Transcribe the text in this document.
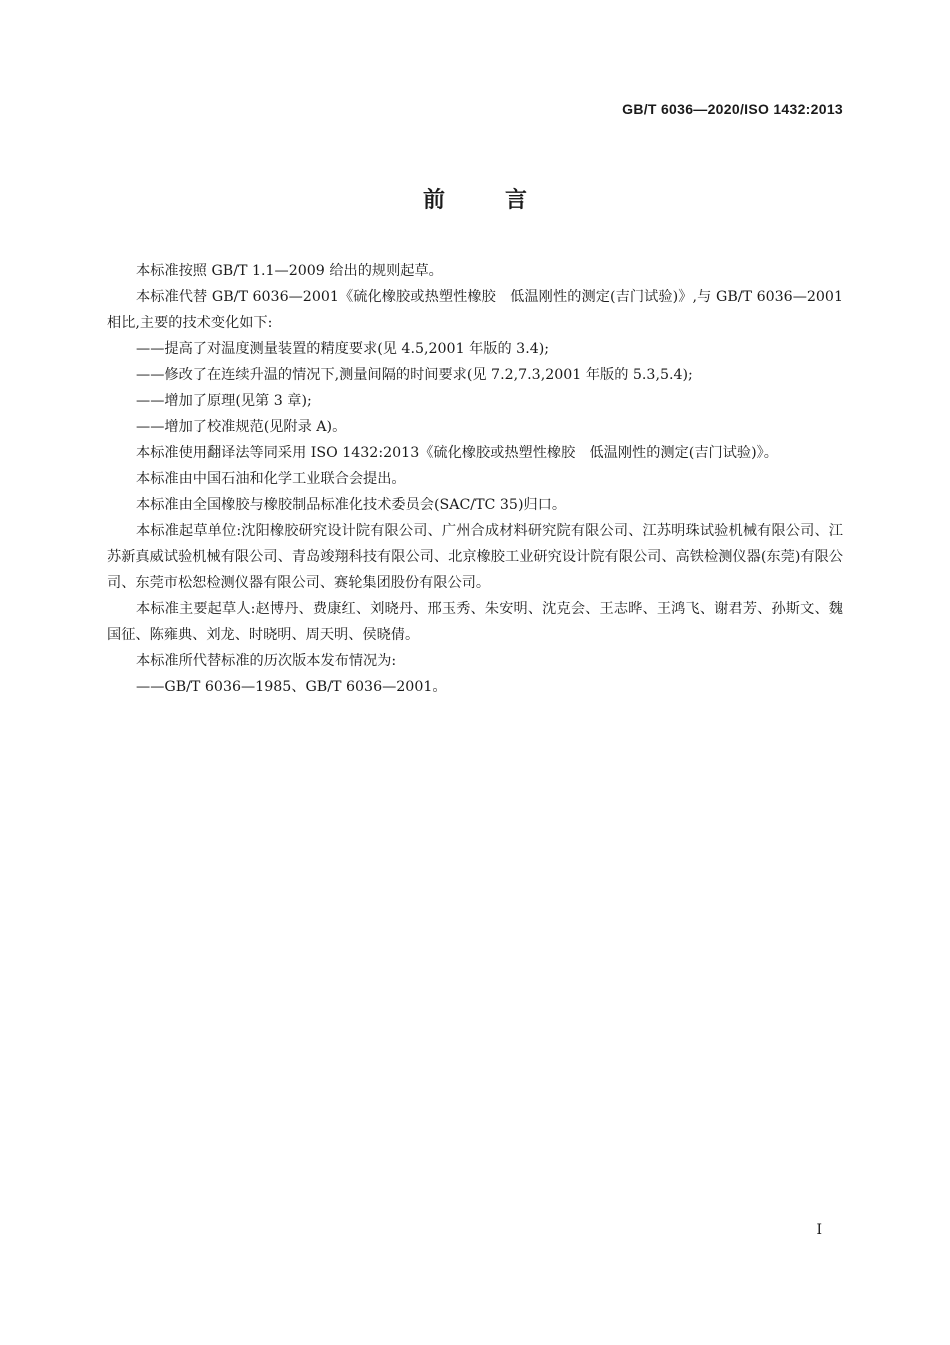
GB/T 6036—2020/ISO 1432:2013
前言

本标准按照 GB/T 1.1—2009 给出的规则起草。

本标准代替 GB/T 6036—2001《硫化橡胶或热塑性橡胶　低温刚性的测定(吉门试验)》,与 GB/T 6036—2001 相比,主要的技术变化如下:

——提高了对温度测量装置的精度要求(见 4.5,2001 年版的 3.4);

——修改了在连续升温的情况下,测量间隔的时间要求(见 7.2,7.3,2001 年版的 5.3,5.4);

——增加了原理(见第 3 章);

——增加了校准规范(见附录 A)。

本标准使用翻译法等同采用 ISO 1432:2013《硫化橡胶或热塑性橡胶　低温刚性的测定(吉门试验)》。

本标准由中国石油和化学工业联合会提出。

本标准由全国橡胶与橡胶制品标准化技术委员会(SAC/TC 35)归口。

本标准起草单位:沈阳橡胶研究设计院有限公司、广州合成材料研究院有限公司、江苏明珠试验机械有限公司、江苏新真威试验机械有限公司、青岛竣翔科技有限公司、北京橡胶工业研究设计院有限公司、高铁检测仪器(东莞)有限公司、东莞市松恕检测仪器有限公司、赛轮集团股份有限公司。

本标准主要起草人:赵博丹、费康红、刘晓丹、邢玉秀、朱安明、沈克会、王志晔、王鸿飞、谢君芳、孙斯文、魏国征、陈雍典、刘龙、时晓明、周天明、侯晓倩。

本标准所代替标准的历次版本发布情况为:

——GB/T 6036—1985、GB/T 6036—2001。

I
